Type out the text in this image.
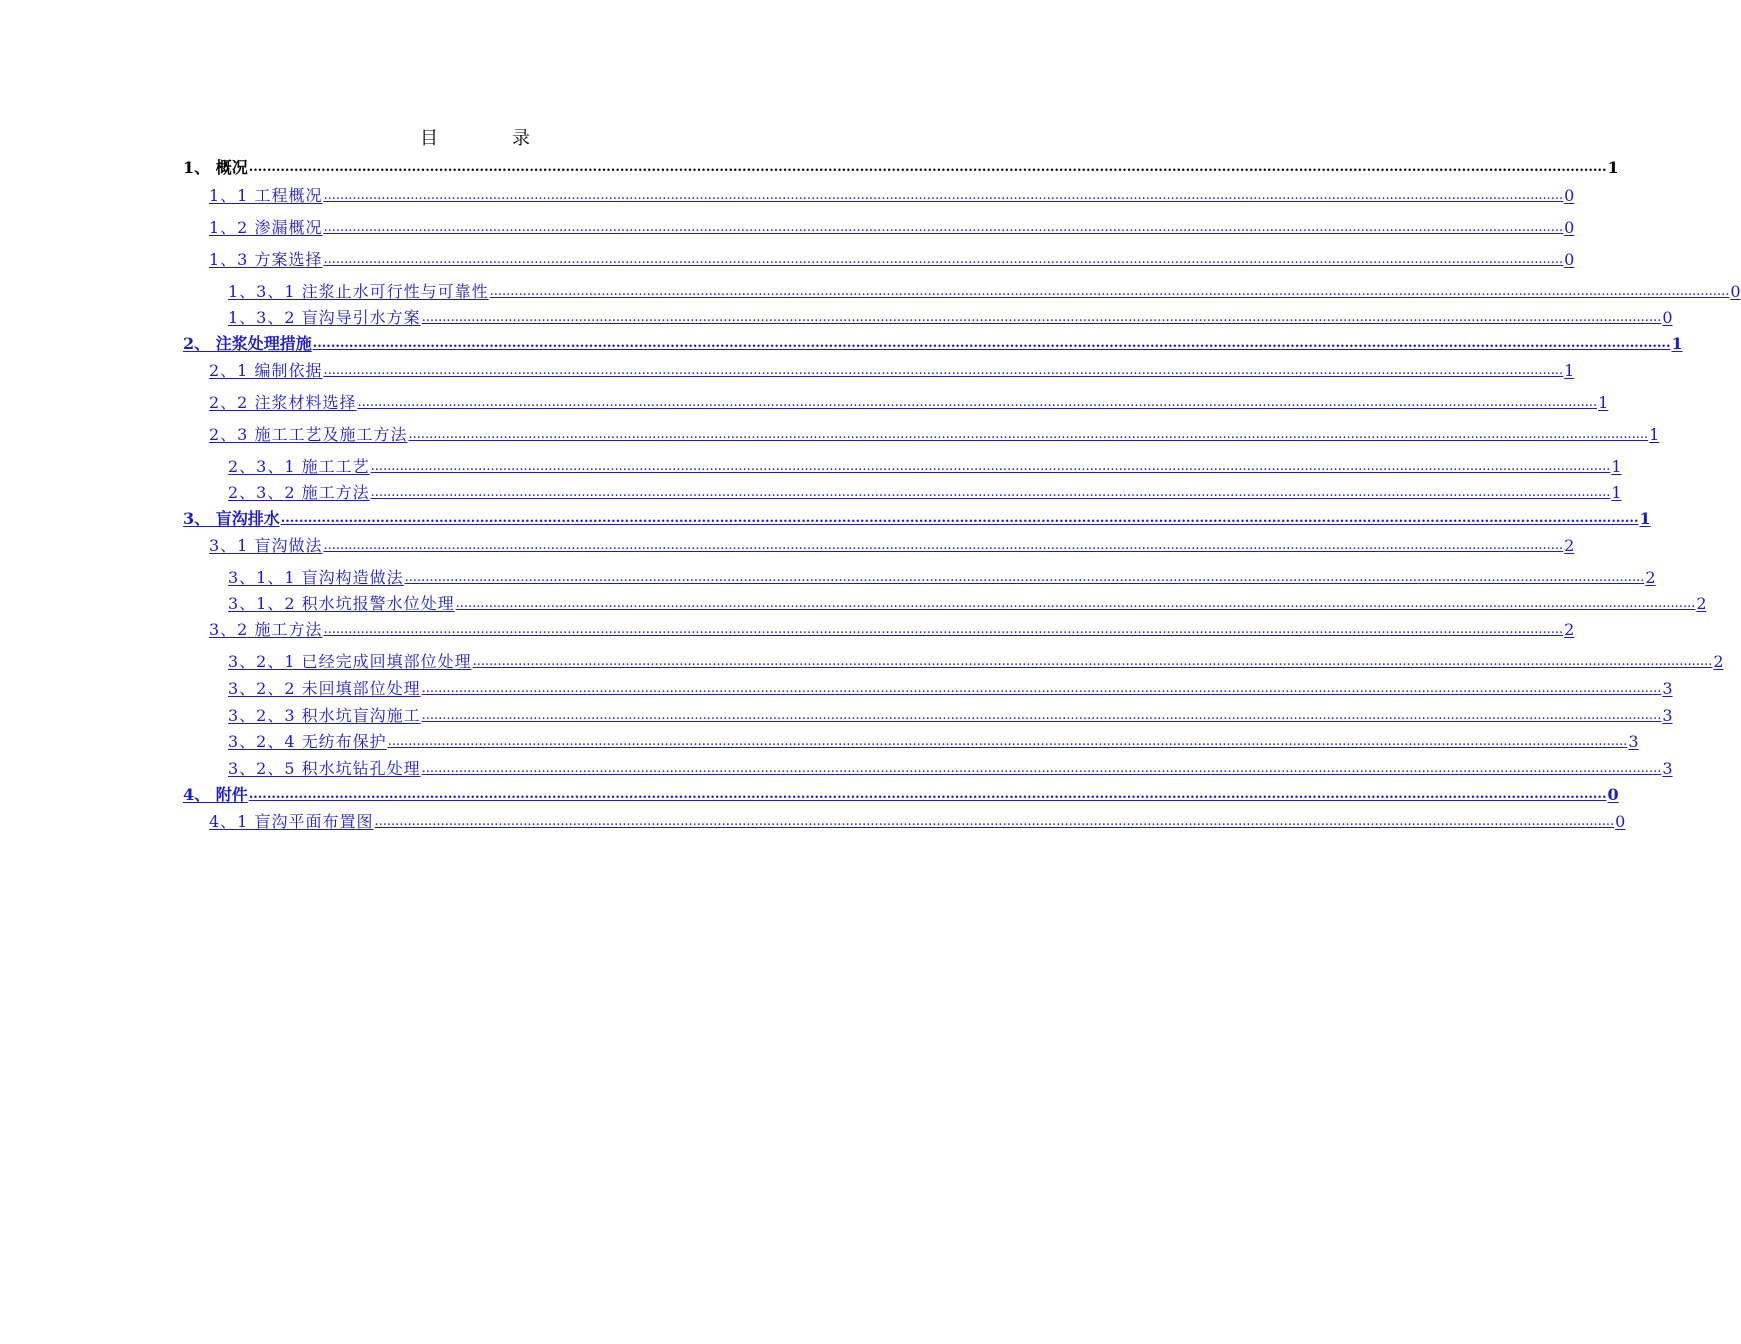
目	录
1、 概况 ............................................................................................................................................................................................................................................................................................................ 1
1、1 工程概况 ............................................................................................................................................................................................................................................................................................................ 0
1、2 渗漏概况 ............................................................................................................................................................................................................................................................................................................ 0
1、3 方案选择 ............................................................................................................................................................................................................................................................................................................ 0
1、3、1 注浆止水可行性与可靠性 ............................................................................................................................................................................................................................................................................................................ 0
1、3、2 盲沟导引水方案 ............................................................................................................................................................................................................................................................................................................ 0
2、 注浆处理措施 ............................................................................................................................................................................................................................................................................................................ 1
2、1 编制依据 ............................................................................................................................................................................................................................................................................................................ 1
2、2 注浆材料选择 ............................................................................................................................................................................................................................................................................................................ 1
2、3 施工工艺及施工方法 ............................................................................................................................................................................................................................................................................................................ 1
2、3、1 施工工艺 ............................................................................................................................................................................................................................................................................................................ 1
2、3、2 施工方法 ............................................................................................................................................................................................................................................................................................................ 1
3、 盲沟排水 ............................................................................................................................................................................................................................................................................................................ 1
3、1 盲沟做法 ............................................................................................................................................................................................................................................................................................................ 2
3、1、1 盲沟构造做法 ............................................................................................................................................................................................................................................................................................................ 2
3、1、2 积水坑报警水位处理 ............................................................................................................................................................................................................................................................................................................ 2
3、2 施工方法 ............................................................................................................................................................................................................................................................................................................ 2
3、2、1 已经完成回填部位处理 ............................................................................................................................................................................................................................................................................................................ 2
3、2、2 未回填部位处理 ............................................................................................................................................................................................................................................................................................................ 3
3、2、3 积水坑盲沟施工 ............................................................................................................................................................................................................................................................................................................ 3
3、2、4 无纺布保护 ............................................................................................................................................................................................................................................................................................................ 3
3、2、5 积水坑钻孔处理 ............................................................................................................................................................................................................................................................................................................ 3
4、 附件 ............................................................................................................................................................................................................................................................................................................ 0
4、1 盲沟平面布置图 ............................................................................................................................................................................................................................................................................................................ 0
